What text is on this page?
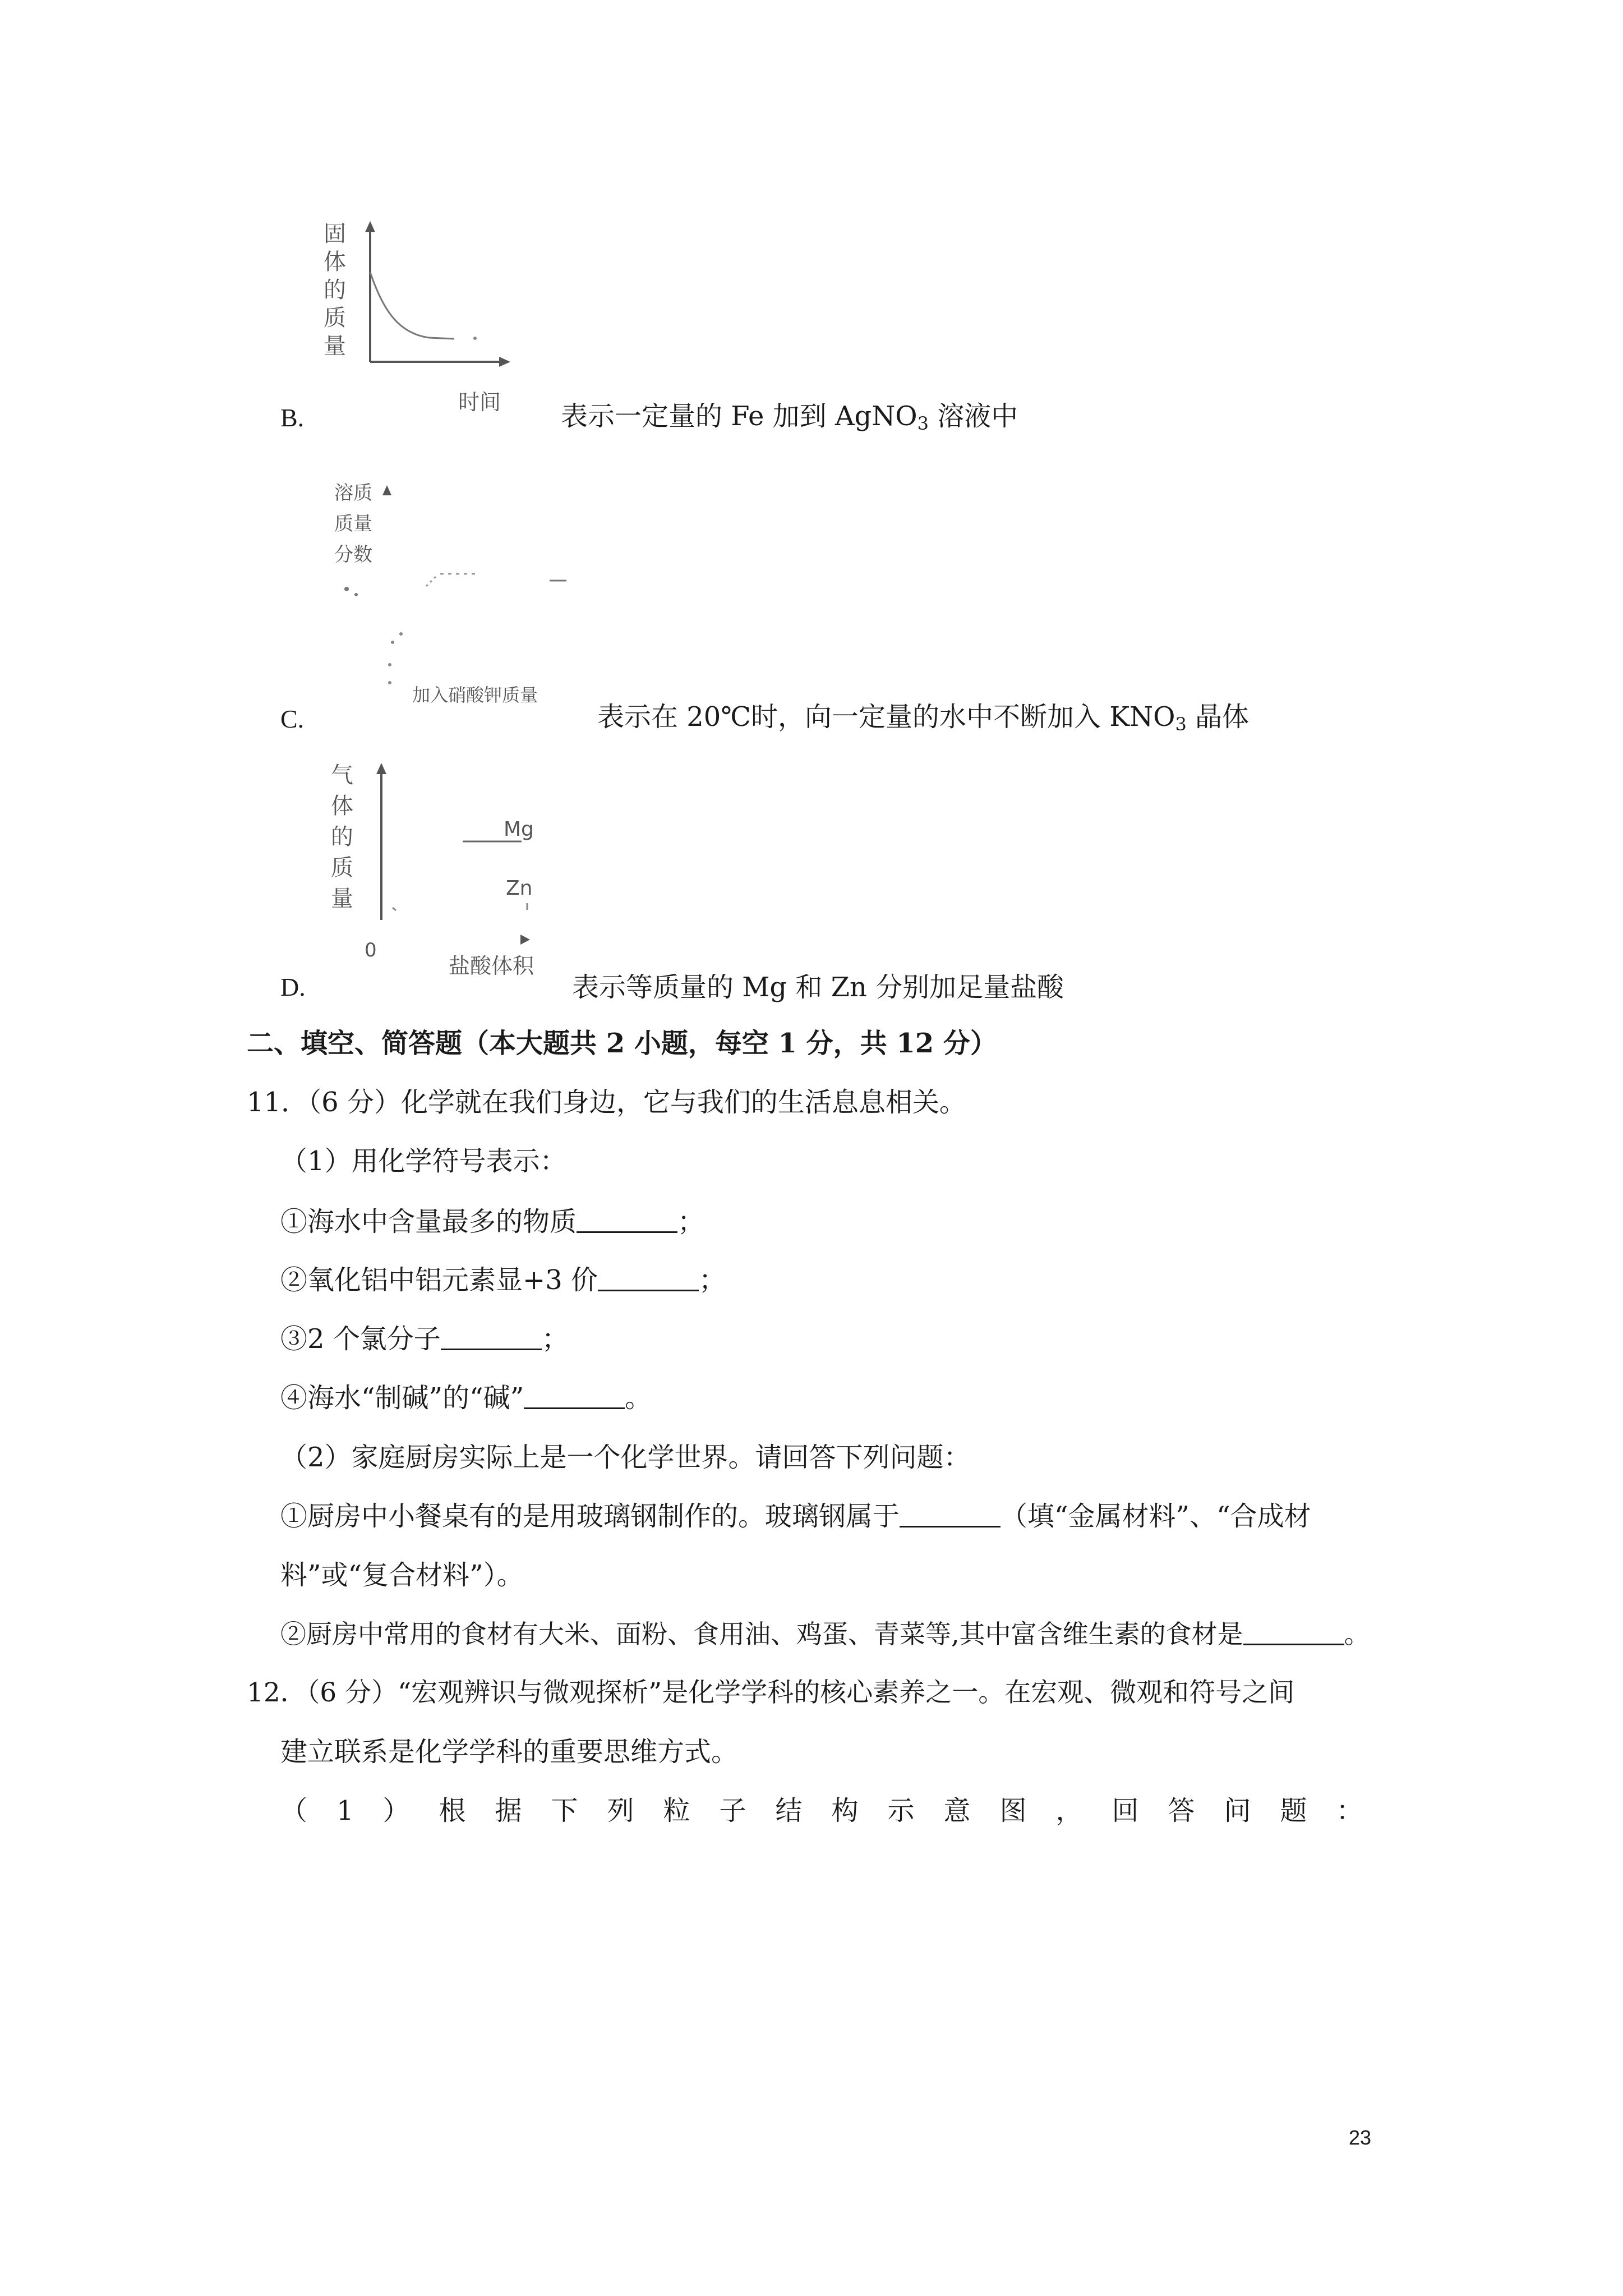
固
体
的
质
量
时间
B.	表示一定量的 Fe 加到 AgNO$_3$ 溶液中
溶质
质量
分数
加入硝酸钾质量
C.	表示在 20℃时，向一定量的水中不断加入 $KNO_3$ 晶体
气
体
的
质
量
Mg
Zn
0
盐酸体积
D.	表示等质量的 Mg 和 Zn 分别加足量盐酸
二、填空、简答题（本大题共 2 小题，每空 1 分，共 12 分）
11．（6 分）化学就在我们身边，它与我们的生活息息相关。
（1）用化学符号表示：
①海水中含量最多的物质	；
②氧化铝中铝元素显+3 价	；
③2 个氯分子	；
④海水“制碱”的“碱”	。
（2）家庭厨房实际上是一个化学世界。请回答下列问题：
①厨房中小餐桌有的是用玻璃钢制作的。玻璃钢属于	（填“金属材料”、“合成材
料”或“复合材料”）。
②厨房中常用的食材有大米、面粉、食用油、鸡蛋、青菜等,其中富含维生素的食材是	。
12．（6 分）“宏观辨识与微观探析”是化学学科的核心素养之一。在宏观、微观和符号之间
建立联系是化学学科的重要思维方式。
（1）根据下列粒子结构示意图，回答问题：
23
